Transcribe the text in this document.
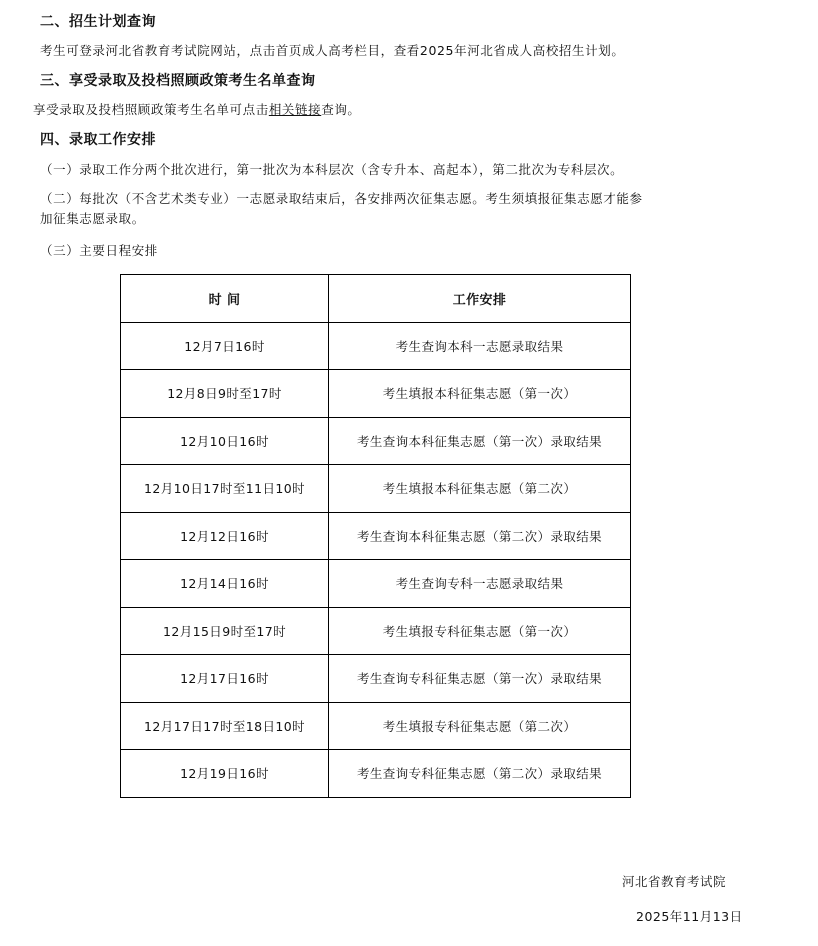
二、招生计划查询
考生可登录河北省教育考试院网站，点击首页成人高考栏目，查看2025年河北省成人高校招生计划。
三、享受录取及投档照顾政策考生名单查询
享受录取及投档照顾政策考生名单可点击相关链接查询。
四、录取工作安排
（一）录取工作分两个批次进行，第一批次为本科层次（含专升本、高起本），第二批次为专科层次。
（二）每批次（不含艺术类专业）一志愿录取结束后，各安排两次征集志愿。考生须填报征集志愿才能参
加征集志愿录取。
（三）主要日程安排
时 间	工作安排
12月7日16时	考生查询本科一志愿录取结果
12月8日9时至17时	考生填报本科征集志愿（第一次）
12月10日16时	考生查询本科征集志愿（第一次）录取结果
12月10日17时至11日10时	考生填报本科征集志愿（第二次）
12月12日16时	考生查询本科征集志愿（第二次）录取结果
12月14日16时	考生查询专科一志愿录取结果
12月15日9时至17时	考生填报专科征集志愿（第一次）
12月17日16时	考生查询专科征集志愿（第一次）录取结果
12月17日17时至18日10时	考生填报专科征集志愿（第二次）
12月19日16时	考生查询专科征集志愿（第二次）录取结果
河北省教育考试院
2025年11月13日
